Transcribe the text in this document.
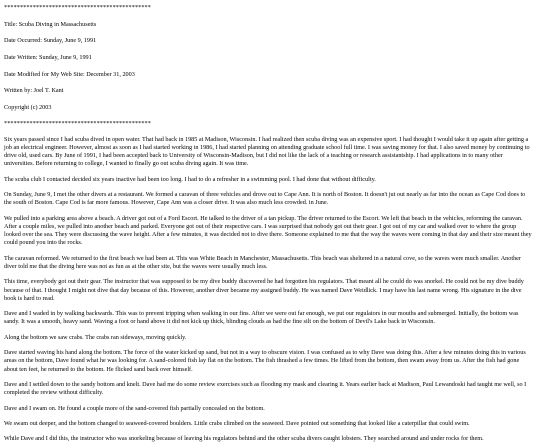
**********************************************

Title: Scuba Diving in Massachusetts

Date Occurred: Sunday, June 9, 1991

Date Written: Sunday, June 9, 1991

Date Modified for My Web Site: December 31, 2003

Written by: Joel T. Kant

Copyright (c) 2003

**********************************************

Six years passed since I had scuba dived in open water. That had back in 1985 at Madison, Wisconsin. I had realized then scuba diving was an expensive sport. I had thought I would take it up again after getting a job an electrical engineer. However, almost as soon as I had started working in 1986, I had started planning on attending graduate school full time. I was saving money for that. I also saved money by continuing to drive old, used cars. By June of 1991, I had been accepted back to University of Wisconsin-Madison, but I did not like the lack of a teaching or research assistantship. I had applications in to many other universities. Before returning to college, I wanted to finally go out scuba diving again. It was time.

The scuba club I contacted decided six years inactive had been too long. I had to do a refresher in a swimming pool. I had done that without difficulty.

On Sunday, June 9, I met the other divers at a restaurant. We formed a caravan of three vehicles and drove out to Cape Ann. It is north of Boston. It doesn't jut out nearly as far into the ocean as Cape Cod does to the south of Boston. Cape Cod is far more famous. However, Cape Ann was a closer drive. It was also much less crowded. in June.

We pulled into a parking area above a beach. A driver got out of a Ford Escort. He talked to the driver of a tan pickup. The driver returned to the Escort. We left that beach in the vehicles, reforming the caravan. After a couple miles, we pulled into another beach and parked. Everyone got out of their respective cars. I was surprised that nobody got out their gear. I got out of my car and walked over to where the group looked over the sea. They were discussing the wave height. After a few minutes, it was decided not to dive there. Someone explained to me that the way the waves were coming in that day and their size meant they could pound you into the rocks.

The caravan reformed. We returned to the first beach we had been at. This was White Beach in Manchester, Massachusetts. This beach was sheltered in a natural cove, so the waves were much smaller. Another diver told me that the diving here was not as fun as at the other site, but the waves were usually much less.

This time, everybody got out their gear. The instructor that was supposed to be my dive buddy discovered he had forgotten his regulators. That meant all he could do was snorkel. He could not be my dive buddy because of that. I thought I might not dive that day because of this. However, another diver became my assigned buddy. He was named Dave Weidlick. I may have his last name wrong. His signature in the dive book is hard to read.

Dave and I waded in by walking backwards. This was to prevent tripping when walking in our fins. After we were out far enough, we put our regulators in our mouths and submerged. Initially, the bottom was sandy. It was a smooth, heavy sand. Waving a foot or hand above it did not kick up thick, blinding clouds as had the fine silt on the bottom of Devil's Lake back in Wisconsin.

Along the bottom we saw crabs. The crabs ran sideways, moving quickly.

Dave started waving his hand along the bottom. The force of the water kicked up sand, but not in a way to obscure vision. I was confused as to why Dave was doing this. After a few minutes doing this in various areas on the bottom, Dave found what he was looking for. A sand-colored fish lay flat on the bottom. The fish thrashed a few times. He lifted from the bottom, then swam away from us. After the fish had gone about ten feet, he returned to the bottom. He flicked sand back over himself.

Dave and I settled down to the sandy bottom and knelt. Dave had me do some review exercises such as flooding my mask and clearing it. Years earlier back at Madison, Paul Lewandoski had taught me well, so I completed the review without difficulty.

Dave and I swam on. He found a couple more of the sand-covered fish partially concealed on the bottom.

We swam out deeper, and the bottom changed to seaweed-covered boulders. Little crabs climbed on the seaweed. Dave pointed out something that looked like a caterpillar that could swim.

While Dave and I did this, the instructor who was snorkeling because of leaving his regulators behind and the other scuba divers caught lobsters. They searched around and under rocks for them.
